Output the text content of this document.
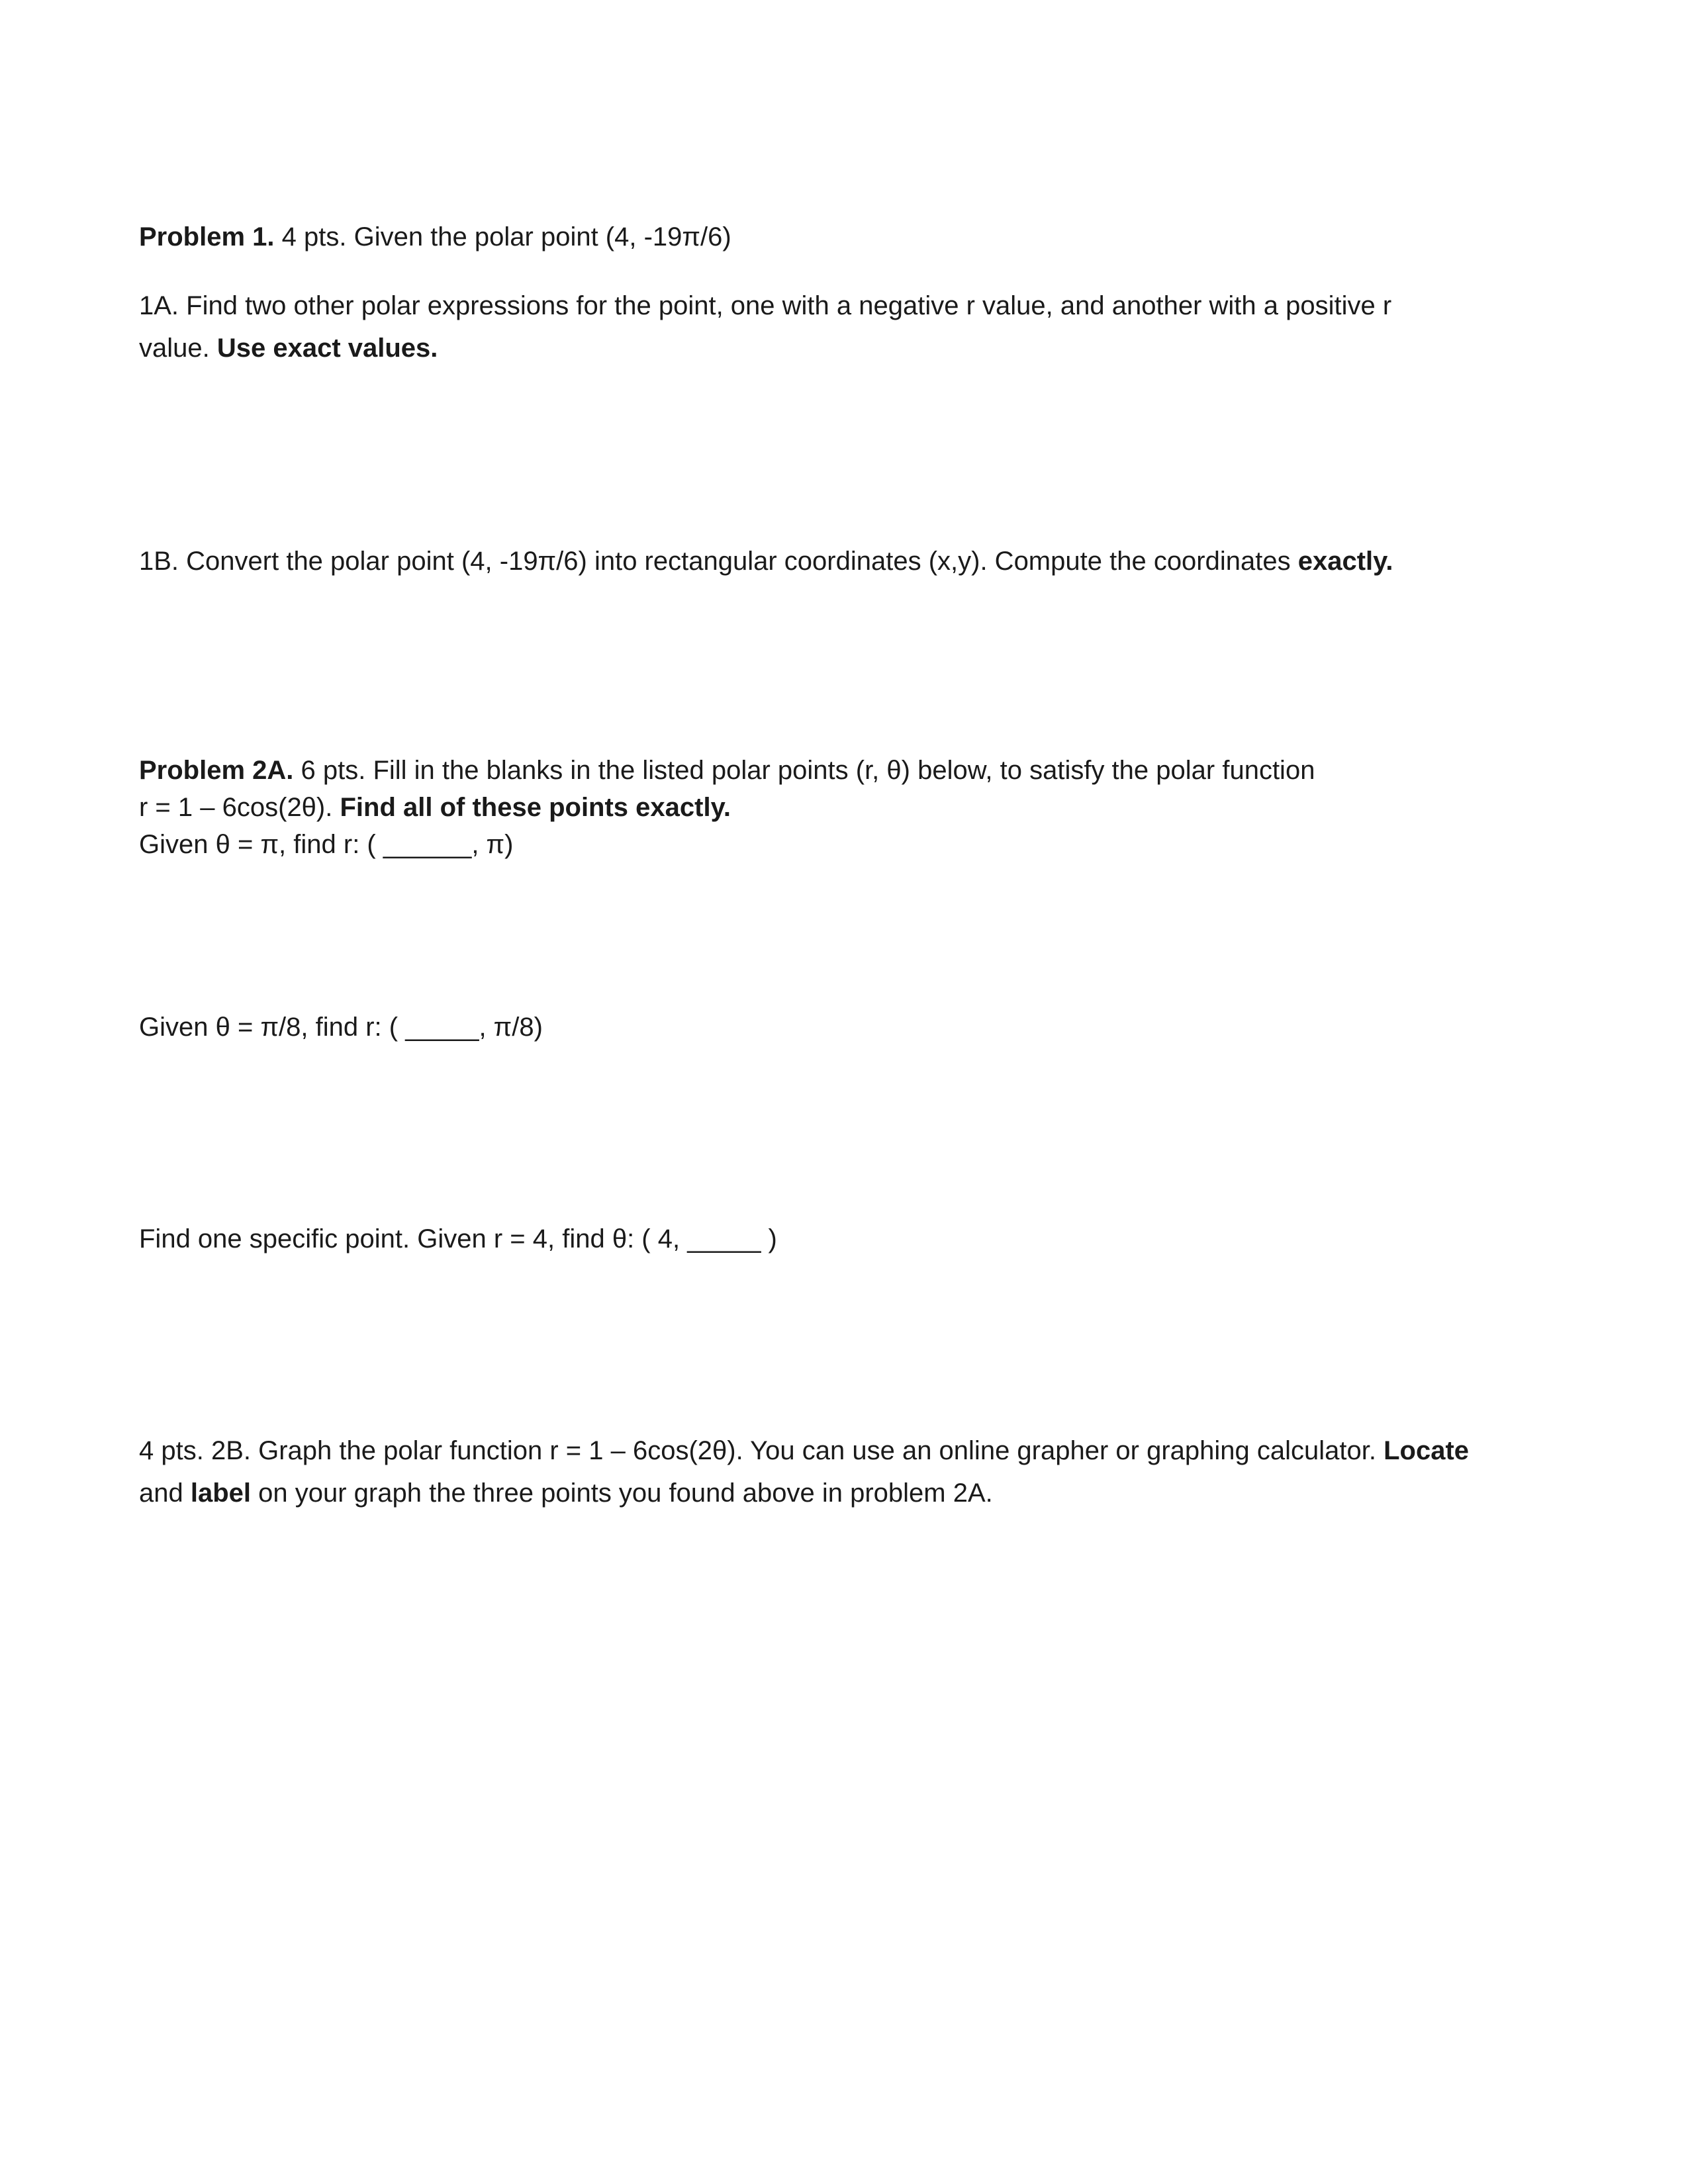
Problem 1. 4 pts. Given the polar point (4, -19π/6)
1A. Find two other polar expressions for the point, one with a negative r value, and another with a positive r
value. Use exact values.
1B. Convert the polar point (4, -19π/6) into rectangular coordinates (x,y). Compute the coordinates exactly.
Problem 2A. 6 pts. Fill in the blanks in the listed polar points (r, θ) below, to satisfy the polar function
r = 1 – 6cos(2θ). Find all of these points exactly.
Given θ = π, find r: ( ______, π)
Given θ = π/8, find r: ( _____, π/8)
Find one specific point. Given r = 4, find θ: ( 4, _____ )
4 pts. 2B. Graph the polar function r = 1 – 6cos(2θ). You can use an online grapher or graphing calculator. Locate
and label on your graph the three points you found above in problem 2A.
